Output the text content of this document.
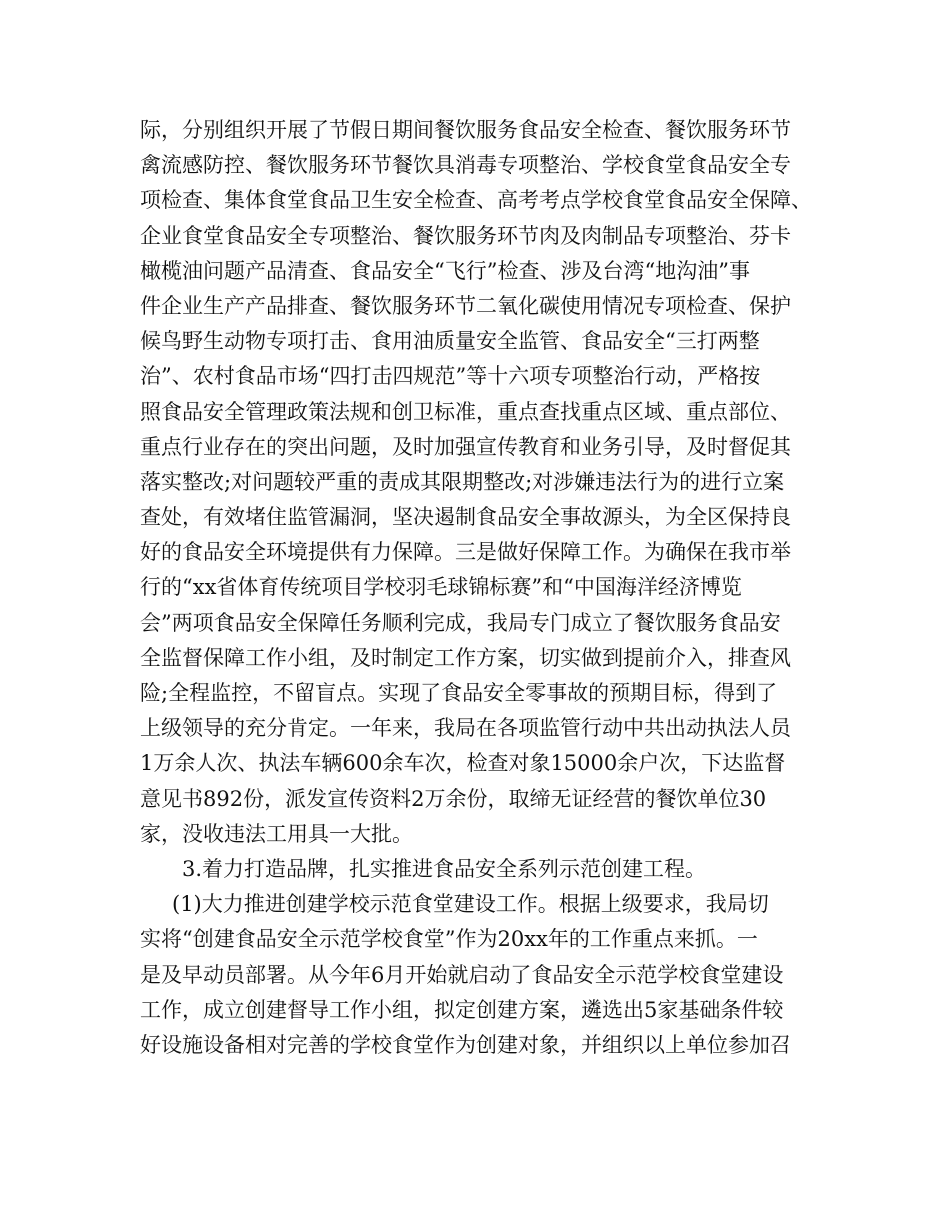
际，分别组织开展了节假日期间餐饮服务食品安全检查、餐饮服务环节
禽流感防控、餐饮服务环节餐饮具消毒专项整治、学校食堂食品安全专
项检查、集体食堂食品卫生安全检查、高考考点学校食堂食品安全保障、
企业食堂食品安全专项整治、餐饮服务环节肉及肉制品专项整治、芬卡
橄榄油问题产品清查、食品安全“飞行”检查、涉及台湾“地沟油”事
件企业生产产品排查、餐饮服务环节二氧化碳使用情况专项检查、保护
候鸟野生动物专项打击、食用油质量安全监管、食品安全“三打两整
治”、农村食品市场“四打击四规范”等十六项专项整治行动，严格按
照食品安全管理政策法规和创卫标准，重点查找重点区域、重点部位、
重点行业存在的突出问题，及时加强宣传教育和业务引导，及时督促其
落实整改;对问题较严重的责成其限期整改;对涉嫌违法行为的进行立案
查处，有效堵住监管漏洞，坚决遏制食品安全事故源头，为全区保持良
好的食品安全环境提供有力保障。三是做好保障工作。为确保在我市举
行的“xx省体育传统项目学校羽毛球锦标赛”和“中国海洋经济博览
会”两项食品安全保障任务顺利完成，我局专门成立了餐饮服务食品安
全监督保障工作小组，及时制定工作方案，切实做到提前介入，排查风
险;全程监控，不留盲点。实现了食品安全零事故的预期目标，得到了
上级领导的充分肯定。一年来，我局在各项监管行动中共出动执法人员
1万余人次、执法车辆600余车次，检查对象15000余户次，下达监督
意见书892份，派发宣传资料2万余份，取缔无证经营的餐饮单位30
家，没收违法工用具一大批。
3.着力打造品牌，扎实推进食品安全系列示范创建工程。
(1)大力推进创建学校示范食堂建设工作。根据上级要求，我局切
实将“创建食品安全示范学校食堂”作为20xx年的工作重点来抓。一
是及早动员部署。从今年6月开始就启动了食品安全示范学校食堂建设
工作，成立创建督导工作小组，拟定创建方案，遴选出5家基础条件较
好设施设备相对完善的学校食堂作为创建对象，并组织以上单位参加召
